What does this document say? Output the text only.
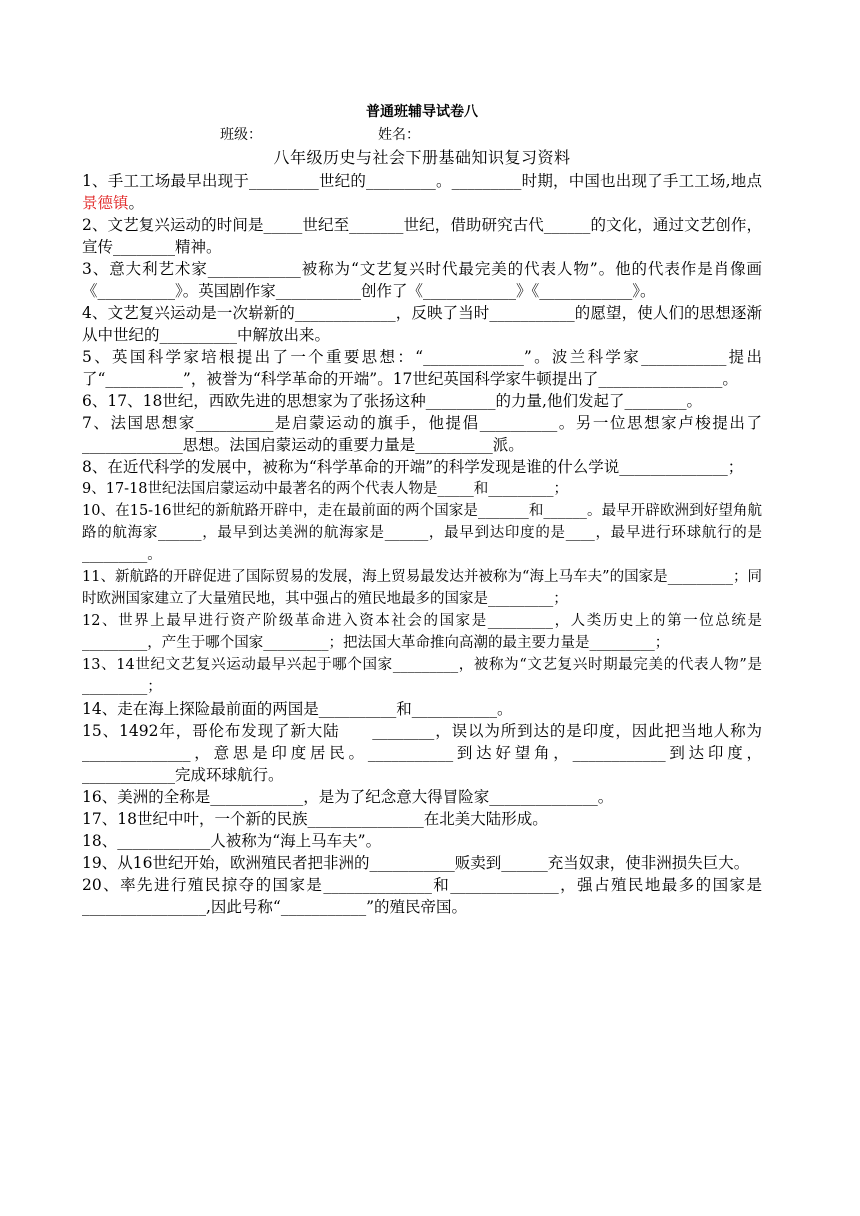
普通班辅导试卷八
班级：	姓名：
八年级历史与社会下册基础知识复习资料

1、手工工场最早出现于_________世纪的_________。_________时期，中国也出现了手工工场,地点景德镇。

2、文艺复兴运动的时间是_____世纪至_______世纪，借助研究古代______的文化，通过文艺创作，宣传________精神。

3、意大利艺术家____________被称为“文艺复兴时代最完美的代表人物”。他的代表作是肖像画《__________》。英国剧作家___________创作了《____________》《____________》。

4、文艺复兴运动是一次崭新的_____________，反映了当时___________的愿望，使人们的思想逐渐从中世纪的__________中解放出来。

5、英国科学家培根提出了一个重要思想：“_____________”。波兰科学家___________提出了“__________”，被誉为“科学革命的开端”。17世纪英国科学家牛顿提出了________________。

6、17、18世纪，西欧先进的思想家为了张扬这种_________的力量,他们发起了________。

7、法国思想家__________是启蒙运动的旗手，他提倡__________。另一位思想家卢梭提出了_____________思想。法国启蒙运动的重要力量是__________派。

8、在近代科学的发展中，被称为“科学革命的开端”的科学发现是谁的什么学说______________；

9、17-18世纪法国启蒙运动中最著名的两个代表人物是_____和_________；

10、在15-16世纪的新航路开辟中，走在最前面的两个国家是_______和______。最早开辟欧洲到好望角航路的航海家______，最早到达美洲的航海家是______，最早到达印度的是____，最早进行环球航行的是_________。

11、新航路的开辟促进了国际贸易的发展，海上贸易最发达并被称为“海上马车夫”的国家是_________；同时欧洲国家建立了大量殖民地，其中强占的殖民地最多的国家是_________；

12、世界上最早进行资产阶级革命进入资本社会的国家是_________，人类历史上的第一位总统是_________，产生于哪个国家_________；把法国大革命推向高潮的最主要力量是_________；

13、14世纪文艺复兴运动最早兴起于哪个国家_________，被称为“文艺复兴时期最完美的代表人物”是_________；

14、走在海上探险最前面的两国是__________和___________。

15、1492年，哥伦布发现了新大陆　　________，误以为所到达的是印度，因此把当地人称为______________，意思是印度居民。___________到达好望角，____________到达印度，____________完成环球航行。

16、美洲的全称是____________，是为了纪念意大得冒险家______________。

17、18世纪中叶，一个新的民族_______________在北美大陆形成。

18、____________人被称为“海上马车夫”。

19、从16世纪开始，欧洲殖民者把非洲的___________贩卖到______充当奴隶，使非洲损失巨大。

20、率先进行殖民掠夺的国家是______________和______________，强占殖民地最多的国家是________________,因此号称“___________”的殖民帝国。
